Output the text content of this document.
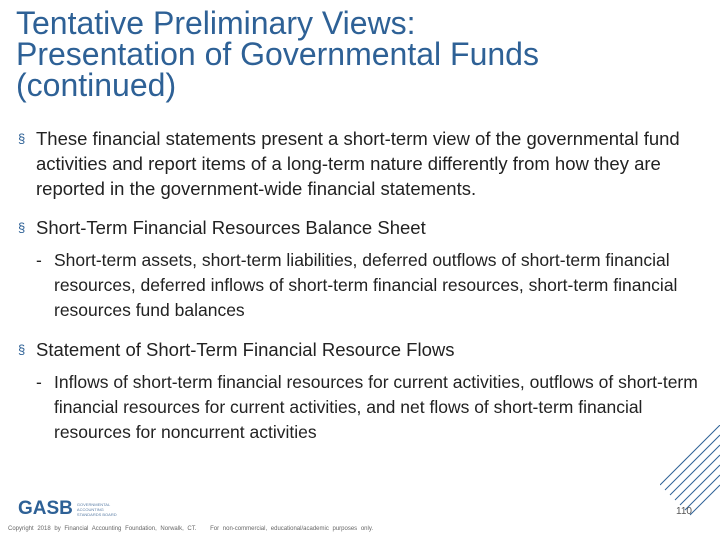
Tentative Preliminary Views:
Presentation of Governmental Funds
(continued)
§ These financial statements present a short-term view of the governmental fund activities and report items of a long-term nature differently from how they are reported in the government-wide financial statements.
§ Short-Term Financial Resources Balance Sheet
- Short-term assets, short-term liabilities, deferred outflows of short-term financial resources, deferred inflows of short-term financial resources, short-term financial resources fund balances
§ Statement of Short-Term Financial Resource Flows
- Inflows of short-term financial resources for current activities, outflows of short-term financial resources for current activities, and net flows of short-term financial resources for noncurrent activities
GASB GOVERNMENTAL ACCOUNTING STANDARDS BOARD	110
Copyright 2018 by Financial Accounting Foundation, Norwalk, CT. For non-commercial, educational/academic purposes only.
